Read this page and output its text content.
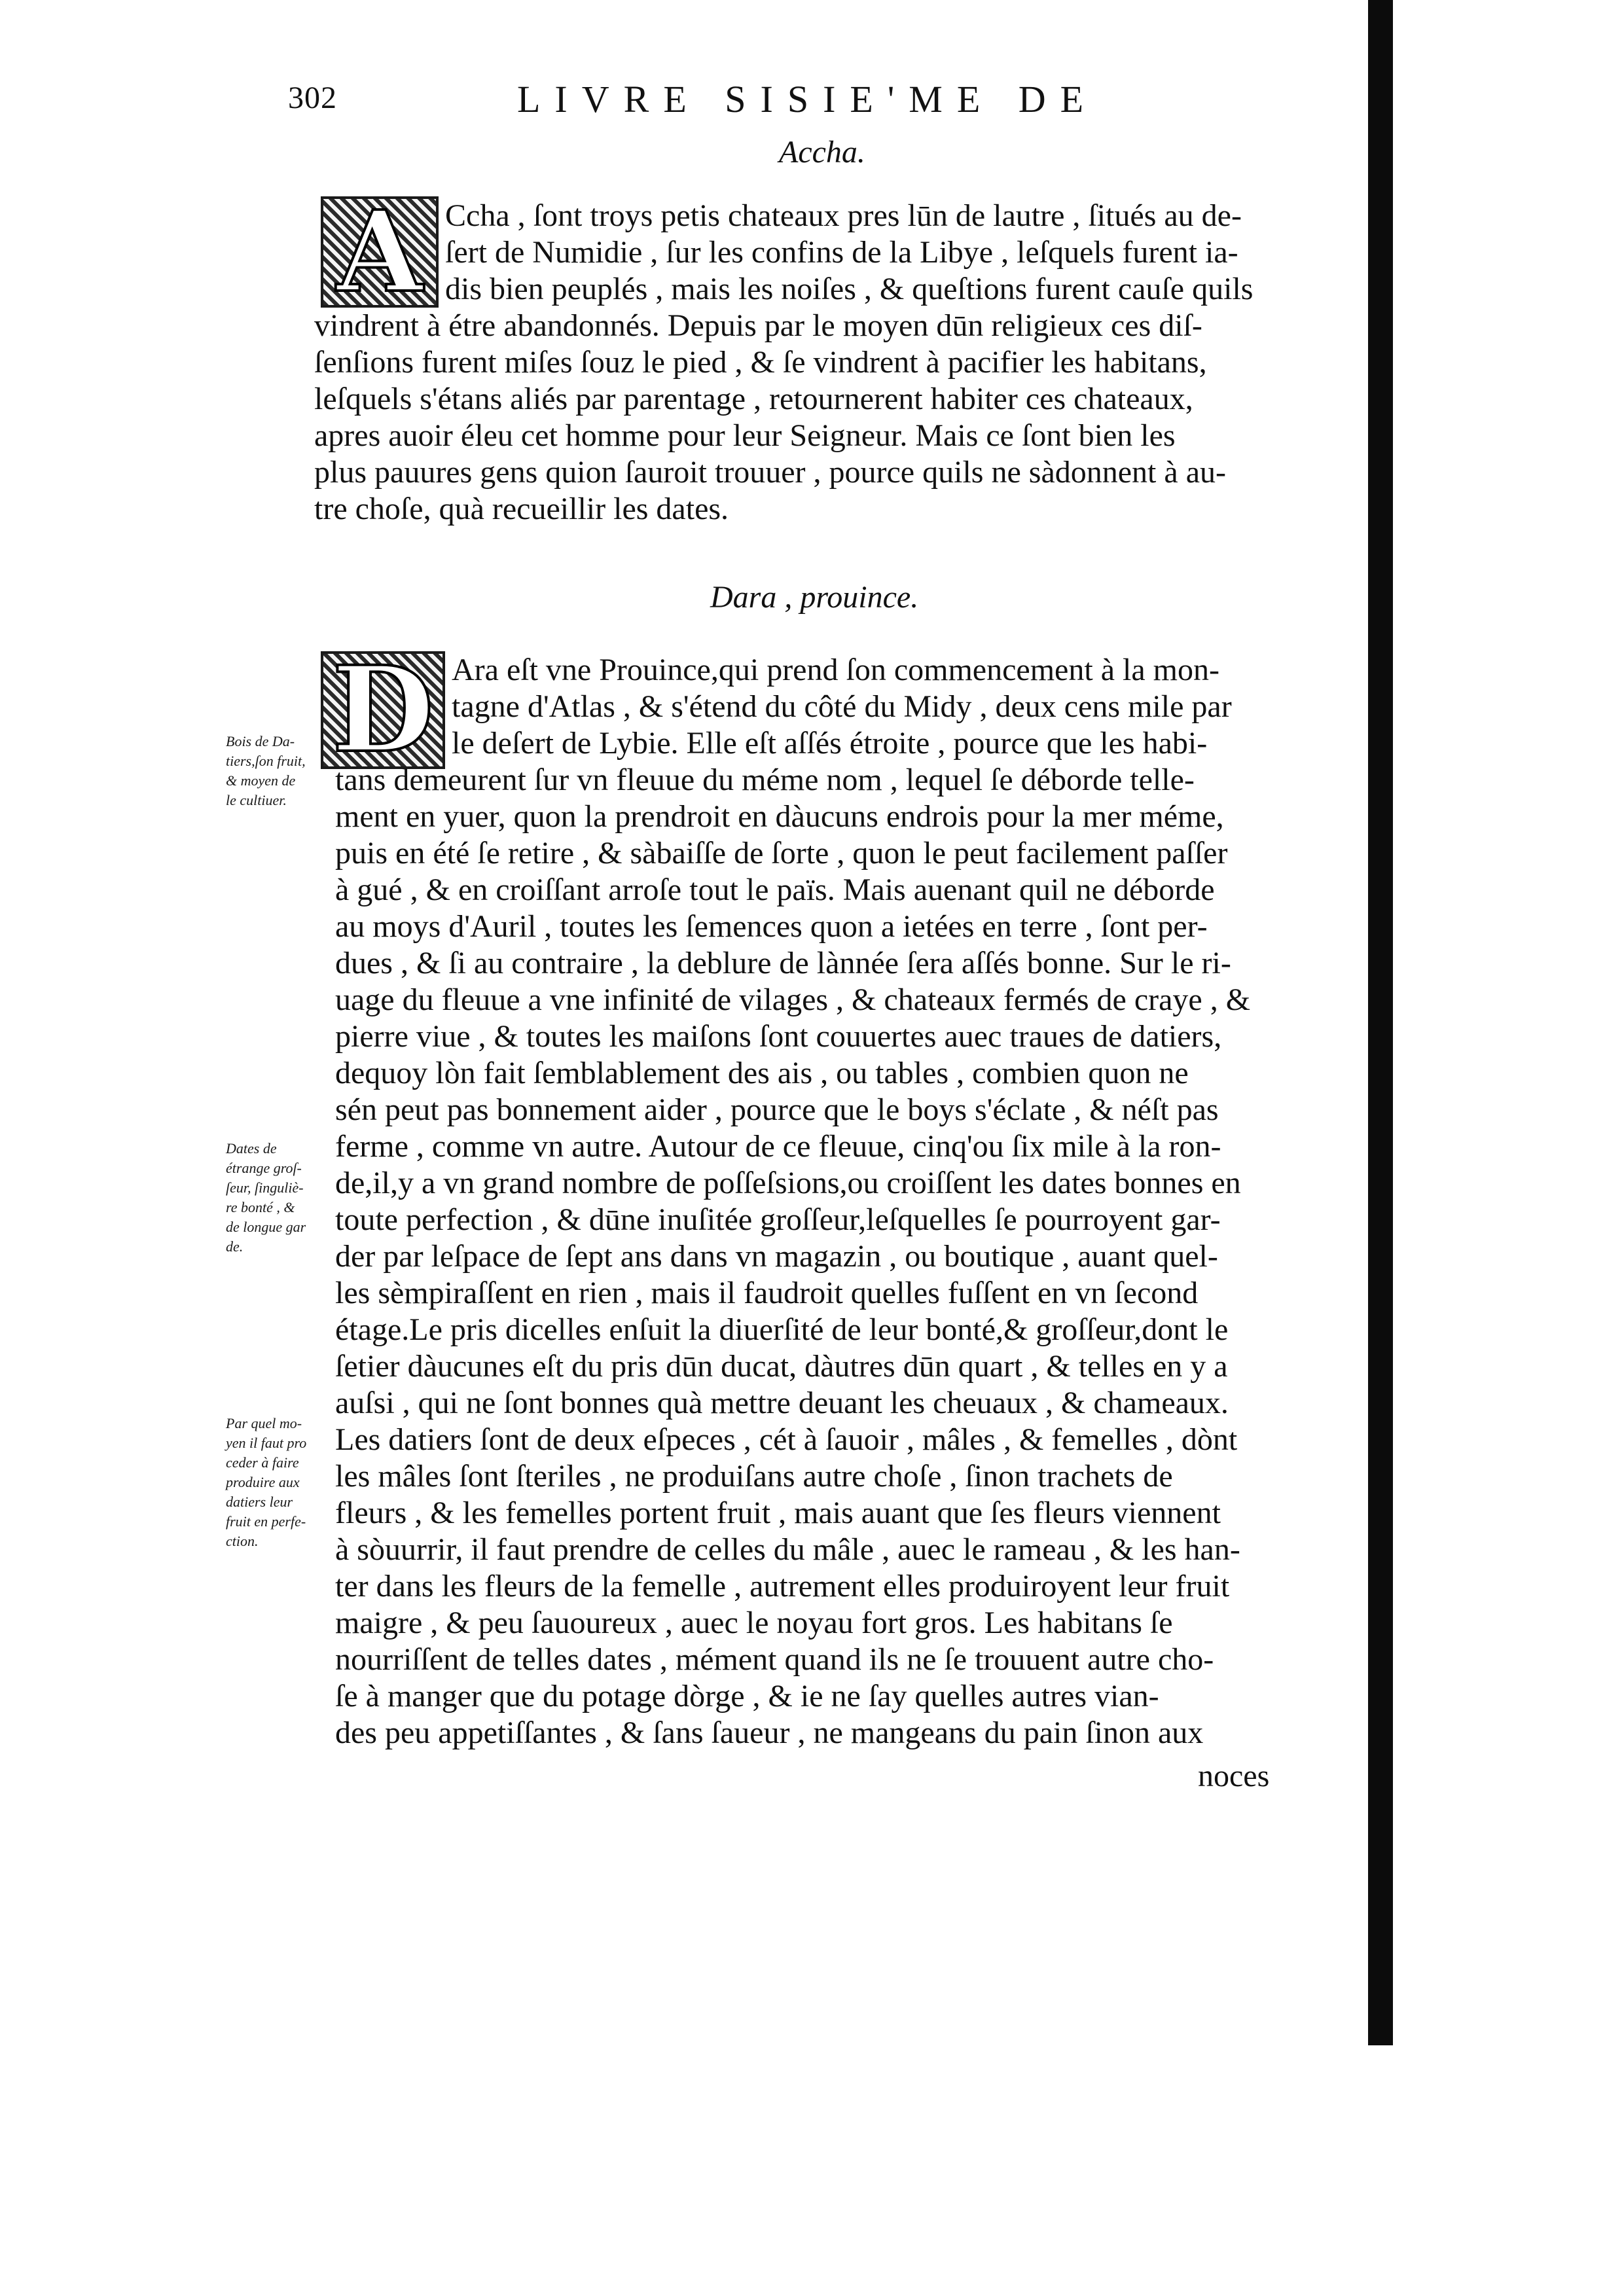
302	LIVRE SISIE'ME DE
Accha.
A Ccha , ſont troys petis chateaux pres lūn de lautre , ſitués au de-
ſert de Numidie , ſur les confins de la Libye , leſquels furent ia-
dis bien peuplés , mais les noiſes , & queſtions furent cauſe quils
vindrent à étre abandonnés. Depuis par le moyen dūn religieux ces diſ-
ſenſions furent miſes ſouz le pied , & ſe vindrent à pacifier les habitans,
leſquels s'étans aliés par parentage , retournerent habiter ces chateaux,
apres auoir éleu cet homme pour leur Seigneur. Mais ce ſont bien les
plus pauures gens quion ſauroit trouuer , pource quils ne sàdonnent à au-
tre choſe, quà recueillir les dates.
Dara , prouince.
D Ara eſt vne Prouince,qui prend ſon commencement à la mon-
tagne d'Atlas , & s'étend du côté du Midy , deux cens mile par
le deſert de Lybie. Elle eſt aſſés étroite , pource que les habi-
tans demeurent ſur vn fleuue du méme nom , lequel ſe déborde telle-
ment en yuer, quon la prendroit en dàucuns endrois pour la mer méme,
puis en été ſe retire , & sàbaiſſe de ſorte , quon le peut facilement paſſer
à gué , & en croiſſant arroſe tout le païs. Mais auenant quil ne déborde
au moys d'Auril , toutes les ſemences quon a ietées en terre , ſont per-
dues , & ſi au contraire , la deblure de lànnée ſera aſſés bonne. Sur le ri-
uage du fleuue a vne infinité de vilages , & chateaux fermés de craye , &
pierre viue , & toutes les maiſons ſont couuertes auec traues de datiers,
dequoy lòn fait ſemblablement des ais , ou tables , combien quon ne
sén peut pas bonnement aider , pource que le boys s'éclate , & néſt pas
ferme , comme vn autre. Autour de ce fleuue, cinq'ou ſix mile à la ron-
de,il,y a vn grand nombre de poſſeſsions,ou croiſſent les dates bonnes en
toute perfection , & dūne inuſitée groſſeur,leſquelles ſe pourroyent gar-
der par leſpace de ſept ans dans vn magazin , ou boutique , auant quel-
les sèmpiraſſent en rien , mais il faudroit quelles fuſſent en vn ſecond
étage.Le pris dicelles enſuit la diuerſité de leur bonté,& groſſeur,dont le
ſetier dàucunes eſt du pris dūn ducat, dàutres dūn quart , & telles en y a
auſsi , qui ne ſont bonnes quà mettre deuant les cheuaux , & chameaux.
Les datiers ſont de deux eſpeces , cét à ſauoir , mâles , & femelles , dònt
les mâles ſont ſteriles , ne produiſans autre choſe , ſinon trachets de
fleurs , & les femelles portent fruit , mais auant que ſes fleurs viennent
à sòuurrir, il faut prendre de celles du mâle , auec le rameau , & les han-
ter dans les fleurs de la femelle , autrement elles produiroyent leur fruit
maigre , & peu ſauoureux , auec le noyau fort gros. Les habitans ſe
nourriſſent de telles dates , mément quand ils ne ſe trouuent autre cho-
ſe à manger que du potage dòrge , & ie ne ſay quelles autres vian-
des peu appetiſſantes , & ſans ſaueur , ne mangeans du pain ſinon aux
noces
Bois de Da-
tiers,ſon fruit,
& moyen de
le cultiuer.
Dates de
étrange groſ-
ſeur, ſinguliè-
re bonté , &
de longue gar
de.
Par quel mo-
yen il faut pro
ceder à faire
produire aux
datiers leur
fruit en perfe-
ction.
